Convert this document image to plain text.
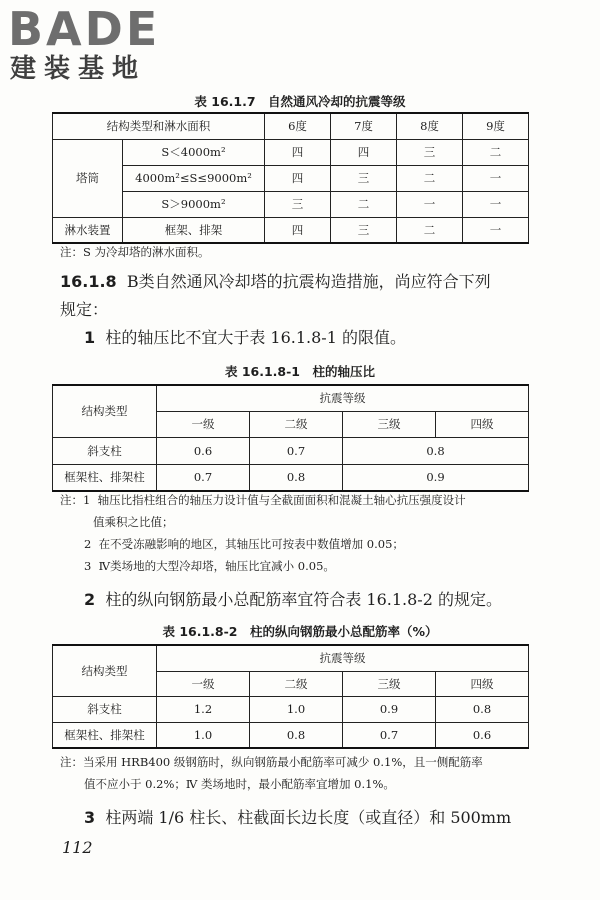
BADE
建装基地
表 16.1.7　自然通风冷却的抗震等级
结构类型和淋水面积		6度	7度	8度	9度
塔筒	S＜4000m²	四	四	三	二
	4000m²≤S≤9000m²	四	三	二	一
	S＞9000m²	三	二	一	一
淋水装置	框架、排架	四	三	二	一
注：S 为冷却塔的淋水面积。
16.1.8 B类自然通风冷却塔的抗震构造措施，尚应符合下列
规定：
1 柱的轴压比不宜大于表 16.1.8-1 的限值。
表 16.1.8-1　柱的轴压比
结构类型	抗震等级			
	一级	二级	三级	四级
斜支柱	0.6	0.7	0.8	
框架柱、排架柱	0.7	0.8	0.9	
注：1 轴压比指柱组合的轴压力设计值与全截面面积和混凝土轴心抗压强度设计
值乘积之比值；
2 在不受冻融影响的地区，其轴压比可按表中数值增加 0.05；
3 Ⅳ类场地的大型冷却塔，轴压比宜减小 0.05。
2 柱的纵向钢筋最小总配筋率宜符合表 16.1.8-2 的规定。
表 16.1.8-2　柱的纵向钢筋最小总配筋率（%）
结构类型	抗震等级			
	一级	二级	三级	四级
斜支柱	1.2	1.0	0.9	0.8
框架柱、排架柱	1.0	0.8	0.7	0.6
注：当采用 HRB400 级钢筋时，纵向钢筋最小配筋率可减少 0.1%，且一侧配筋率
值不应小于 0.2%；Ⅳ 类场地时，最小配筋率宜增加 0.1%。
3 柱两端 1/6 柱长、柱截面长边长度（或直径）和 500mm
112
